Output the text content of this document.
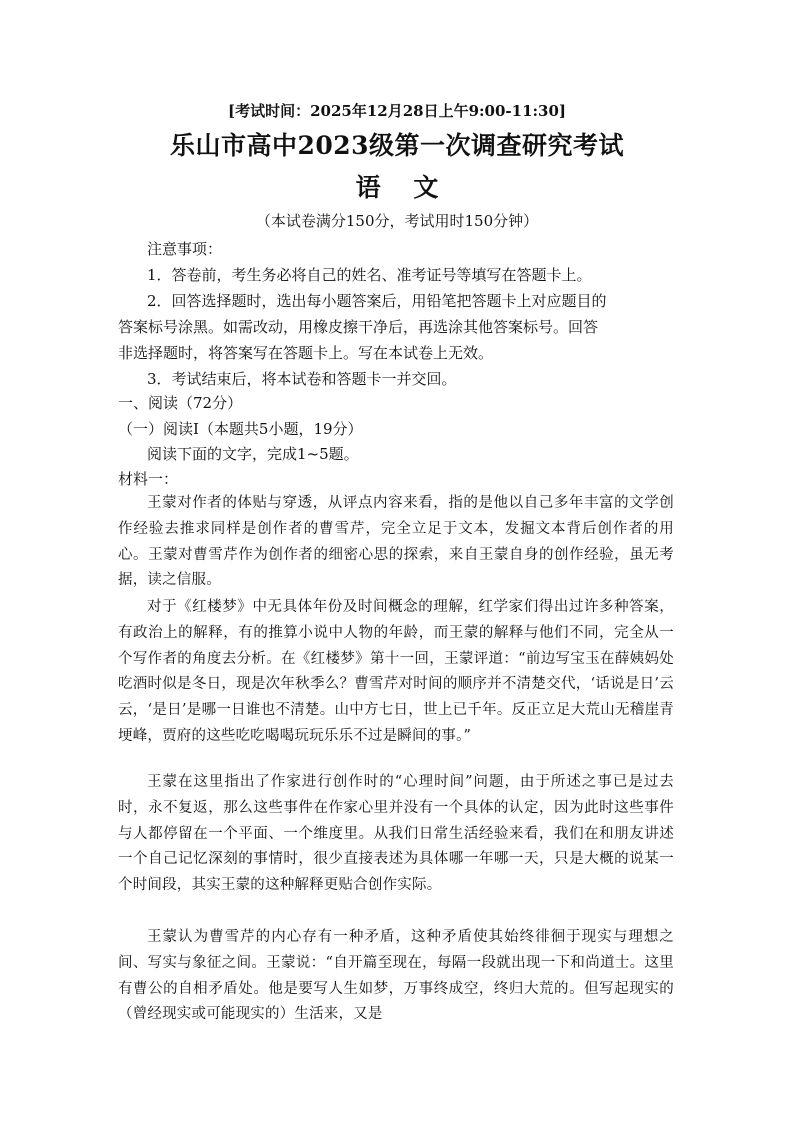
[考试时间：2025年12月28日上午9:00-11:30]
乐山市高中2023级第一次调查研究考试
语 文
（本试卷满分150分，考试用时150分钟）
注意事项：
1．答卷前，考生务必将自己的姓名、准考证号等填写在答题卡上。
2．回答选择题时，选出每小题答案后，用铅笔把答题卡上对应题目的
答案标号涂黑。如需改动，用橡皮擦干净后，再选涂其他答案标号。回答
非选择题时，将答案写在答题卡上。写在本试卷上无效。
3．考试结束后，将本试卷和答题卡一并交回。
一、阅读（72分）
（一）阅读Ⅰ（本题共5小题，19分）
阅读下面的文字，完成1~5题。
材料一：
王蒙对作者的体贴与穿透，从评点内容来看，指的是他以自己多年丰富的文学创作经验去推求同样是创作者的曹雪芹，完全立足于文本，发掘文本背后创作者的用心。王蒙对曹雪芹作为创作者的细密心思的探索，来自王蒙自身的创作经验，虽无考据，读之信服。
对于《红楼梦》中无具体年份及时间概念的理解，红学家们得出过许多种答案，有政治上的解释，有的推算小说中人物的年龄，而王蒙的解释与他们不同，完全从一个写作者的角度去分析。在《红楼梦》第十一回，王蒙评道：“前边写宝玉在薛姨妈处吃酒时似是冬日，现是次年秋季么？曹雪芹对时间的顺序并不清楚交代，‘话说是日’云云，‘是日’是哪一日谁也不清楚。山中方七日，世上已千年。反正立足大荒山无稽崖青埂峰，贾府的这些吃吃喝喝玩玩乐乐不过是瞬间的事。”
王蒙在这里指出了作家进行创作时的“心理时间”问题，由于所述之事已是过去时，永不复返，那么这些事件在作家心里并没有一个具体的认定，因为此时这些事件与人都停留在一个平面、一个维度里。从我们日常生活经验来看，我们在和朋友讲述一个自己记忆深刻的事情时，很少直接表述为具体哪一年哪一天，只是大概的说某一个时间段，其实王蒙的这种解释更贴合创作实际。
王蒙认为曹雪芹的内心存有一种矛盾，这种矛盾使其始终徘徊于现实与理想之间、写实与象征之间。王蒙说：“自开篇至现在，每隔一段就出现一下和尚道士。这里有曹公的自相矛盾处。他是要写人生如梦，万事终成空，终归大荒的。但写起现实的（曾经现实或可能现实的）生活来，又是
